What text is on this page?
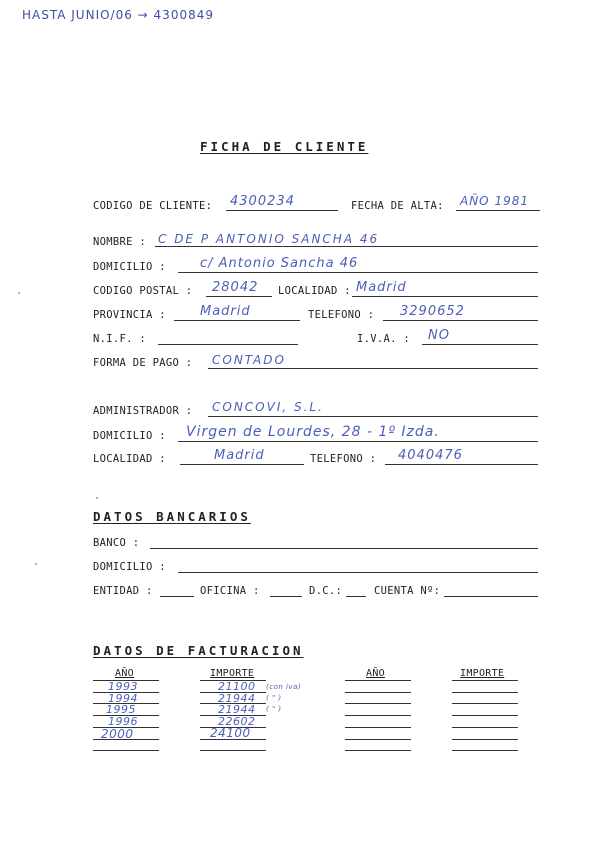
HASTA JUNIO/06 → 4300849
FICHA DE CLIENTE
CODIGO DE CLIENTE: 4300234	FECHA DE ALTA: AÑO 1981
NOMBRE : C DE P ANTONIO SANCHA 46
DOMICILIO :	c/ Antonio Sancha 46
CODIGO POSTAL : 28042 LOCALIDAD : Madrid
PROVINCIA :	Madrid	TELEFONO : 3290652
N.I.F. :	I.V.A. : NO
FORMA DE PAGO : CONTADO
ADMINISTRADOR : CONCOVI, S.L.
DOMICILIO : Virgen de Lourdes, 28 - 1º Izda.
LOCALIDAD :	Madrid	TELEFONO : 4040476
DATOS BANCARIOS
BANCO :
DOMICILIO :
ENTIDAD :	OFICINA :	D.C.:	CUENTA Nº:
DATOS DE FACTURACION
AÑO	IMPORTE	AÑO	IMPORTE
1993	21100 (con iva)
1994	21944 ( " )
1995	21944 ( " )
1996	22602
2000	24100
